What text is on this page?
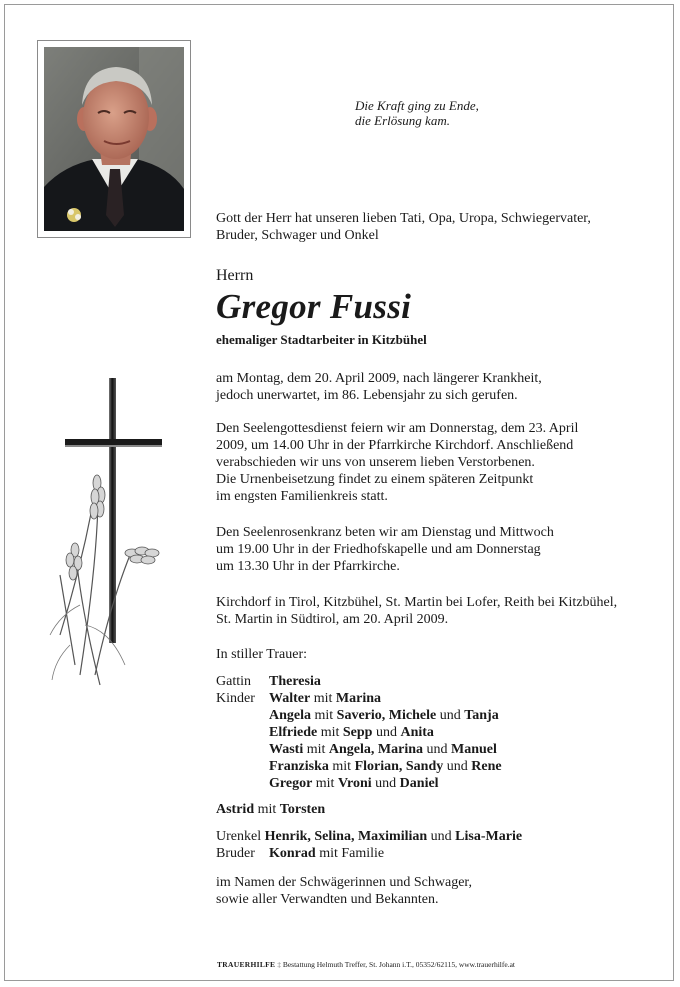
Die Kraft ging zu Ende,
die Erlösung kam.
Gott der Herr hat unseren lieben Tati, Opa, Uropa, Schwiegervater,
Bruder, Schwager und Onkel
Herrn
Gregor Fussi
ehemaliger Stadtarbeiter in Kitzbühel
am Montag, dem 20. April 2009, nach längerer Krankheit,
jedoch unerwartet, im 86. Lebensjahr zu sich gerufen.
Den Seelengottesdienst feiern wir am Donnerstag, dem 23. April
2009, um 14.00 Uhr in der Pfarrkirche Kirchdorf. Anschließend
verabschieden wir uns von unserem lieben Verstorbenen.
Die Urnenbeisetzung findet zu einem späteren Zeitpunkt
im engsten Familienkreis statt.
Den Seelenrosenkranz beten wir am Dienstag und Mittwoch
um 19.00 Uhr in der Friedhofskapelle und am Donnerstag
um 13.30 Uhr in der Pfarrkirche.
Kirchdorf in Tirol, Kitzbühel, St. Martin bei Lofer, Reith bei Kitzbühel,
St. Martin in Südtirol, am 20. April 2009.
In stiller Trauer:
Gattin Theresia
Kinder Walter mit Marina
Angela mit Saverio, Michele und Tanja
Elfriede mit Sepp und Anita
Wasti mit Angela, Marina und Manuel
Franziska mit Florian, Sandy und Rene
Gregor mit Vroni und Daniel
Astrid mit Torsten
Urenkel Henrik, Selina, Maximilian und Lisa-Marie
Bruder Konrad mit Familie
im Namen der Schwägerinnen und Schwager,
sowie aller Verwandten und Bekannten.
TRAUERHILFE ‡ Bestattung Helmuth Treffer, St. Johann i.T., 05352/62115, www.trauerhilfe.at
